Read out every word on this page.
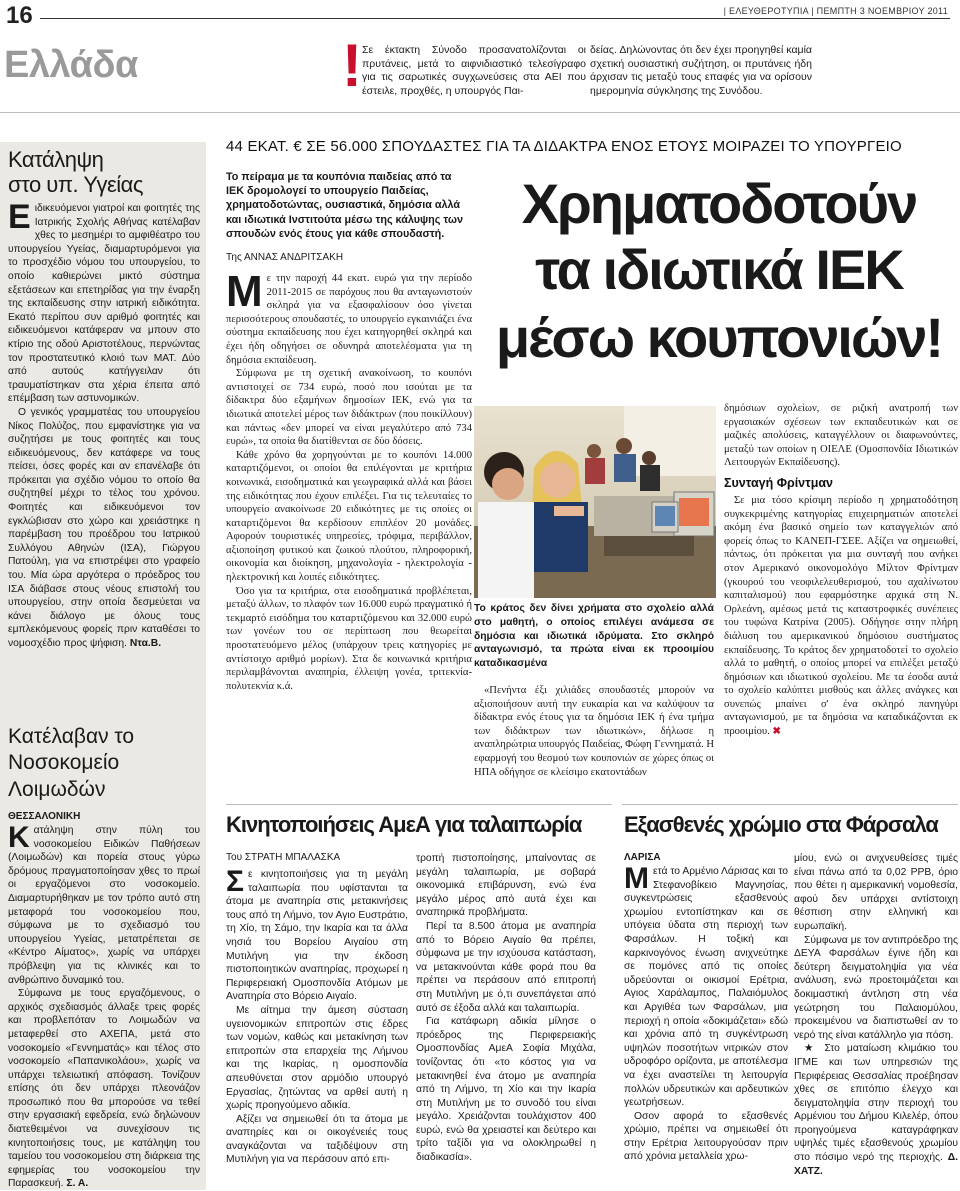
16	| ΕΛΕΥΘΕΡΟΤΥΠΙΑ | ΠΕΜΠΤΗ 3 ΝΟΕΜΒΡΙΟΥ 2011
Ελλάδα	! Σε έκτακτη Σύνοδο προσανατολίζονται οι πρυτάνεις, μετά το αιφνιδιαστικό τελεσίγραφο για τις σαρωτικές συγχωνεύσεις στα ΑΕΙ που έστειλε, προχθές, η υπουργός Παι-

δείας. Δηλώνοντας ότι δεν έχει προηγηθεί καμία σχετική ουσιαστική συζήτηση, οι πρυτάνεις ήδη άρχισαν τις μεταξύ τους επαφές για να ορίσουν ημερομηνία σύγκλησης της Συνόδου.

Κατάληψη
στο υπ. Υγείας

Ειδικευόμενοι γιατροί και φοιτητές της Ιατρικής Σχολής Αθήνας κατέλαβαν χθες το μεσημέρι το αμφιθέατρο του υπουργείου Υγείας, διαμαρτυρόμενοι για το προσχέδιο νόμου του υπουργείου, το οποίο καθιερώνει μικτό σύστημα εξετάσεων και επετηρίδας για την έναρξη της εκπαίδευσης στην ιατρική ειδικότητα. Εκατό περίπου συν αριθμό φοιτητές και ειδικευόμενοι κατάφεραν να μπουν στο κτίριο της οδού Αριστοτέλους, περνώντας τον προστατευτικό κλοιό των ΜΑΤ. Δύο από αυτούς κατήγγειλαν ότι τραυματίστηκαν στα χέρια έπειτα από επέμβαση των αστυνομικών.

Ο γενικός γραμματέας του υπουργείου Νίκος Πολύζος, που εμφανίστηκε για να συζητήσει με τους φοιτητές και τους ειδικευόμενους, δεν κατάφερε να τους πείσει, όσες φορές και αν επανέλαβε ότι πρόκειται για σχέδιο νόμου το οποίο θα συζητηθεί μέχρι το τέλος του χρόνου. Φοιτητές και ειδικευόμενοι τον εγκλώβισαν στο χώρο και χρειάστηκε η παρέμβαση του προέδρου του Ιατρικού Συλλόγου Αθηνών (ΙΣΑ), Γιώργου Πατούλη, για να επιστρέψει στο γραφείο του. Μία ώρα αργότερα ο πρόεδρος του ΙΣΑ διάβασε στους νέους επιστολή του υπουργείου, στην οποία δεσμεύεται να κάνει διάλογο με όλους τους εμπλεκόμενους φορείς πριν καταθέσει το νομοσχέδιο προς ψήφιση. Ντα.Β.

Κατέλαβαν το
Νοσοκομείο Λοιμωδών
ΘΕΣΣΑΛΟΝΙΚΗ

Κατάληψη στην πύλη του νοσοκομείου Ειδικών Παθήσεων (Λοιμωδών) και πορεία στους γύρω δρόμους πραγματοποίησαν χθες το πρωί οι εργαζόμενοι στο νοσοκομείο. Διαμαρτυρήθηκαν με τον τρόπο αυτό στη μεταφορά του νοσοκομείου που, σύμφωνα με το σχεδιασμό του υπουργείου Υγείας, μετατρέπεται σε «Κέντρο Αίματος», χωρίς να υπάρχει πρόβλεψη για τις κλινικές και το ανθρώπινο δυναμικό του.

Σύμφωνα με τους εργαζόμενους, ο αρχικός σχεδιασμός άλλαξε τρεις φορές και προβλεπόταν το Λοιμωδών να μεταφερθεί στο ΑΧΕΠΑ, μετά στο νοσοκομείο «Γεννηματάς» και τέλος στο νοσοκομείο «Παπανικολάου», χωρίς να υπάρχει τελειωτική απόφαση. Τονίζουν επίσης ότι δεν υπάρχει πλεονάζον προσωπικό που θα μπορούσε να τεθεί στην εργασιακή εφεδρεία, ενώ δηλώνουν διατεθειμένοι να συνεχίσουν τις κινητοποιήσεις τους, με κατάληψη του ταμείου του νοσοκομείου στη διάρκεια της εφημερίας του νοσοκομείου την Παρασκευή. Σ. Α.

44 ΕΚΑΤ. € ΣΕ 56.000 ΣΠΟΥΔΑΣΤΕΣ ΓΙΑ ΤΑ ΔΙΔΑΚΤΡΑ ΕΝΟΣ ΕΤΟΥΣ ΜΟΙΡΑΖΕΙ ΤΟ ΥΠΟΥΡΓΕΙΟ
Χρηματοδοτούν
τα ιδιωτικά ΙΕΚ
μέσω κουπονιών!

Το πείραμα με τα κουπόνια παιδείας από τα ΙΕΚ δρομολογεί το υπουργείο Παιδείας, χρηματοδοτώντας, ουσιαστικά, δημόσια αλλά και ιδιωτικά Ινστιτούτα μέσω της κάλυψης των σπουδών ενός έτους για κάθε σπουδαστή.

Της ΑΝΝΑΣ ΑΝΔΡΙΤΣΑΚΗ

Με την παροχή 44 εκατ. ευρώ για την περίοδο 2011-2015 σε παρόχους που θα ανταγωνιστούν σκληρά για να εξασφαλίσουν όσο γίνεται περισσότερους σπουδαστές, το υπουργείο εγκαινιάζει ένα σύστημα εκπαίδευσης που έχει κατηγορηθεί σκληρά και έχει ήδη οδηγήσει σε οδυνηρά αποτελέσματα για τη δημόσια εκπαίδευση.

Σύμφωνα με τη σχετική ανακοίνωση, το κουπόνι αντιστοιχεί σε 734 ευρώ, ποσό που ισούται με τα δίδακτρα δύο εξαμήνων δημοσίων ΙΕΚ, ενώ για τα ιδιωτικά αποτελεί μέρος των διδάκτρων (που ποικίλλουν) και πάντως «δεν μπορεί να είναι μεγαλύτερο από 734 ευρώ», τα οποία θα διατίθενται σε δύο δόσεις.

Κάθε χρόνο θα χορηγούνται με το κουπόνι 14.000 καταρτιζόμενοι, οι οποίοι θα επιλέγονται με κριτήρια κοινωνικά, εισοδηματικά και γεωγραφικά αλλά και βάσει της ειδικότητας που έχουν επιλέξει. Για τις τελευταίες το υπουργείο ανακοίνωσε 20 ειδικότητες με τις οποίες οι καταρτιζόμενοι θα κερδίσουν επιπλέον 20 μονάδες. Αφορούν τουριστικές υπηρεσίες, τρόφιμα, περιβάλλον, αξιοποίηση φυτικού και ζωικού πλούτου, πληροφορική, οικονομία και διοίκηση, μηχανολογία - ηλεκτρολογία - ηλεκτρονική και λοιπές ειδικότητες.

Όσο για τα κριτήρια, στα εισοδηματικά προβλέπεται, μεταξύ άλλων, το πλαφόν των 16.000 ευρώ πραγματικό ή τεκμαρτό εισόδημα του καταρτιζόμενου και 32.000 ευρώ των γονέων του σε περίπτωση που θεωρείται προστατευόμενο μέλος (υπάρχουν τρεις κατηγορίες με αντίστοιχο αριθμό μορίων). Στα δε κοινωνικά κριτήρια περιλαμβάνονται αναπηρία, έλλειψη γονέα, τριτεκνία-πολυτεκνία κ.ά.

Το κράτος δεν δίνει χρήματα στο σχολείο αλλά στο μαθητή, ο οποίος επιλέγει ανάμεσα σε δημόσια και ιδιωτικά ιδρύματα. Στο σκληρό ανταγωνισμό, τα πρώτα είναι εκ προοιμίου καταδικασμένα

«Πενήντα έξι χιλιάδες σπουδαστές μπορούν να αξιοποιήσουν αυτή την ευκαιρία και να καλύψουν τα δίδακτρα ενός έτους για τα δημόσια ΙΕΚ ή ένα τμήμα των διδάκτρων των ιδιωτικών», δήλωσε η αναπληρώτρια υπουργός Παιδείας, Φώφη Γεννηματά. Η εφαρμογή του θεσμού των κουπονιών σε χώρες όπως οι ΗΠΑ οδήγησε σε κλείσιμο εκατοντάδων

δημόσιων σχολείων, σε ριζική ανατροπή των εργασιακών σχέσεων των εκπαιδευτικών και σε μαζικές απολύσεις, καταγγέλλουν οι διαφωνούντες, μεταξύ των οποίων η ΟΙΕΛΕ (Ομοσπονδία Ιδιωτικών Λειτουργών Εκπαίδευσης).

Συνταγή Φρίντμαν

Σε μια τόσο κρίσιμη περίοδο η χρηματοδότηση συγκεκριμένης κατηγορίας επιχειρηματιών αποτελεί ακόμη ένα βασικό σημείο των καταγγελιών από φορείς όπως το ΚΑΝΕΠ-ΓΣΕΕ. Αξίζει να σημειωθεί, πάντως, ότι πρόκειται για μια συνταγή που ανήκει στον Αμερικανό οικονομολόγο Μίλτον Φρίντμαν (γκουρού του νεοφιλελευθερισμού, του αχαλίνωτου καπιταλισμού) που εφαρμόστηκε αρχικά στη Ν. Ορλεάνη, αμέσως μετά τις καταστροφικές συνέπειες του τυφώνα Κατρίνα (2005). Οδήγησε στην πλήρη διάλυση του αμερικανικού δημόσιου συστήματος εκπαίδευσης. Το κράτος δεν χρηματοδοτεί το σχολείο αλλά το μαθητή, ο οποίος μπορεί να επιλέξει μεταξύ δημόσιων και ιδιωτικού σχολείου. Με τα έσοδα αυτά το σχολείο καλύπτει μισθούς και άλλες ανάγκες και συνεπώς μπαίνει σ' ένα σκληρό πανηγύρι ανταγωνισμού, με τα δημόσια να καταδικάζονται εκ προοιμίου. ✖

Κινητοποιήσεις ΑμεΑ για ταλαιπωρία
Του ΣΤΡΑΤΗ ΜΠΑΛΑΣΚΑ

Σε κινητοποιήσεις για τη μεγάλη ταλαιπωρία που υφίστανται τα άτομα με αναπηρία στις μετακινήσεις τους από τη Λήμνο, τον Αγιο Ευστράτιο, τη Χίο, τη Σάμο, την Ικαρία και τα άλλα νησιά του Βορείου Αιγαίου στη Μυτιλήνη για την έκδοση πιστοποιητικών αναπηρίας, προχωρεί η Περιφερειακή Ομοσπονδία Ατόμων με Αναπηρία στο Βόρειο Αιγαίο.

Με αίτημα την άμεση σύσταση υγειονομικών επιτροπών στις έδρες των νομών, καθώς και μετακίνηση των επιτροπών στα επαρχεία της Λήμνου και της Ικαρίας, η ομοσπονδία απευθύνεται στον αρμόδιο υπουργό Εργασίας, ζητώντας να αρθεί αυτή η χωρίς προηγούμενο αδικία.

Αξίζει να σημειωθεί ότι τα άτομα με αναπηρίες και οι οικογένειές τους αναγκάζονται να ταξιδέψουν στη Μυτιλήνη για να περάσουν από επι-

τροπή πιστοποίησης, μπαίνοντας σε μεγάλη ταλαιπωρία, με σοβαρά οικονομικά επιβάρυνση, ενώ ένα μεγάλο μέρος από αυτά έχει και αναπηρικά προβλήματα.

Περί τα 8.500 άτομα με αναπηρία από το Βόρειο Αιγαίο θα πρέπει, σύμφωνα με την ισχύουσα κατάσταση, να μετακινούνται κάθε φορά που θα πρέπει να περάσουν από επιτροπή στη Μυτιλήνη με ό,τι συνεπάγεται από αυτό σε έξοδα αλλά και ταλαιπωρία.

Για κατάφωρη αδικία μίλησε ο πρόεδρος της Περιφερειακής Ομοσπονδίας ΑμεΑ Σοφία Μιχάλα, τονίζοντας ότι «το κόστος για να μετακινηθεί ένα άτομο με αναπηρία από τη Λήμνο, τη Χίο και την Ικαρία στη Μυτιλήνη με το συνοδό του είναι μεγάλο. Χρειάζονται τουλάχιστον 400 ευρώ, ενώ θα χρειαστεί και δεύτερο και τρίτο ταξίδι για να ολοκληρωθεί η διαδικασία».

Εξασθενές χρώμιο στα Φάρσαλα
ΛΑΡΙΣΑ

Μετά το Αρμένιο Λάρισας και το Στεφανοβίκειο Μαγνησίας, συγκεντρώσεις εξασθενούς χρωμίου εντοπίστηκαν και σε υπόγεια ύδατα στη περιοχή των Φαρσάλων. Η τοξική και καρκινογόνος ένωση ανιχνεύτηκε σε πομόνες από τις οποίες υδρεύονται οι οικισμοί Ερέτρια, Αγιος Χαράλαμπος, Παλαιόμυλος και Αργιθέα των Φαρσάλων, μια περιοχή η οποία «δοκιμάζεται» εδώ και χρόνια από τη συγκέντρωση υψηλών ποσοτήτων νιτρικών στον υδροφόρο ορίζοντα, με αποτέλεσμα να έχει αναστείλει τη λειτουργία πολλών υδρευτικών και αρδευτικών γεωτρήσεων.

Οσον αφορά το εξασθενές χρώμιο, πρέπει να σημειωθεί ότι στην Ερέτρια λειτουργούσαν πριν από χρόνια μεταλλεία χρω-

μίου, ενώ οι ανιχνευθείσες τιμές είναι πάνω από τα 0,02 PPB, όριο που θέτει η αμερικανική νομοθεσία, αφού δεν υπάρχει αντίστοιχη θέσπιση στην ελληνική και ευρωπαϊκή.

Σύμφωνα με τον αντιπρόεδρο της ΔΕΥΑ Φαρσάλων έγινε ήδη και δεύτερη δειγματοληψία για νέα ανάλυση, ενώ προετοιμάζεται και δοκιμαστική άντληση στη νέα γεώτρηση του Παλαιομύλου, προκειμένου να διαπιστωθεί αν το νερό της είναι κατάλληλο για πόση.

★ Στο ματαίωση κλιμάκιο του ΙΓΜΕ και των υπηρεσιών της Περιφέρειας Θεσσαλίας προέβησαν χθες σε επιτόπιο έλεγχο και δειγματοληψία στην περιοχή του Αρμένιου του Δήμου Κιλελέρ, όπου προηγούμενα καταγράφηκαν υψηλές τιμές εξασθενούς χρωμίου στο πόσιμο νερό της περιοχής. Δ. ΧΑΤΖ.
